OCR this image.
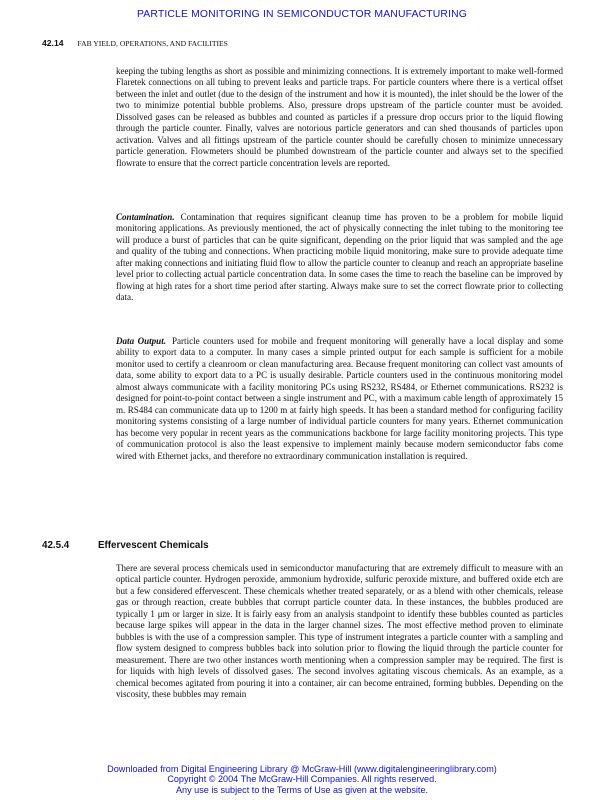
PARTICLE MONITORING IN SEMICONDUCTOR MANUFACTURING
42.14 FAB YIELD, OPERATIONS, AND FACILITIES

keeping the tubing lengths as short as possible and minimizing connections. It is extremely important to make well-formed Flaretek connections on all tubing to prevent leaks and particle traps. For particle counters where there is a vertical offset between the inlet and outlet (due to the design of the instrument and how it is mounted), the inlet should be the lower of the two to minimize potential bubble problems. Also, pressure drops upstream of the particle counter must be avoided. Dissolved gases can be released as bubbles and counted as particles if a pressure drop occurs prior to the liquid flowing through the particle counter. Finally, valves are notorious particle generators and can shed thousands of particles upon activation. Valves and all fittings upstream of the particle counter should be carefully chosen to minimize unnecessary particle generation. Flowmeters should be plumbed downstream of the particle counter and always set to the specified flowrate to ensure that the correct particle concentration levels are reported.

Contamination. Contamination that requires significant cleanup time has proven to be a problem for mobile liquid monitoring applications. As previously mentioned, the act of physically connecting the inlet tubing to the monitoring tee will produce a burst of particles that can be quite significant, depending on the prior liquid that was sampled and the age and quality of the tubing and connections. When practicing mobile liquid monitoring, make sure to provide adequate time after making connections and initiating fluid flow to allow the particle counter to cleanup and reach an appropriate baseline level prior to collecting actual particle concentration data. In some cases the time to reach the baseline can be improved by flowing at high rates for a short time period after starting. Always make sure to set the correct flowrate prior to collecting data.

Data Output. Particle counters used for mobile and frequent monitoring will generally have a local display and some ability to export data to a computer. In many cases a simple printed output for each sample is sufficient for a mobile monitor used to certify a cleanroom or clean manufacturing area. Because frequent monitoring can collect vast amounts of data, some ability to export data to a PC is usually desirable. Particle counters used in the continuous monitoring model almost always communicate with a facility monitoring PCs using RS232, RS484, or Ethernet communications. RS232 is designed for point-to-point contact between a single instrument and PC, with a maximum cable length of approximately 15 m. RS484 can communicate data up to 1200 m at fairly high speeds. It has been a standard method for configuring facility monitoring systems consisting of a large number of individual particle counters for many years. Ethernet communication has become very popular in recent years as the communications backbone for large facility monitoring projects. This type of communication protocol is also the least expensive to implement mainly because modern semiconductor fabs come wired with Ethernet jacks, and therefore no extraordinary communication installation is required.

42.5.4	Effervescent Chemicals

There are several process chemicals used in semiconductor manufacturing that are extremely difficult to measure with an optical particle counter. Hydrogen peroxide, ammonium hydroxide, sulfuric peroxide mixture, and buffered oxide etch are but a few considered effervescent. These chemicals whether treated separately, or as a blend with other chemicals, release gas or through reaction, create bubbles that corrupt particle counter data. In these instances, the bubbles produced are typically 1 μm or larger in size. It is fairly easy from an analysis standpoint to identify these bubbles counted as particles because large spikes will appear in the data in the larger channel sizes. The most effective method proven to eliminate bubbles is with the use of a compression sampler. This type of instrument integrates a particle counter with a sampling and flow system designed to compress bubbles back into solution prior to flowing the liquid through the particle counter for measurement. There are two other instances worth mentioning when a compression sampler may be required. The first is for liquids with high levels of dissolved gases. The second involves agitating viscous chemicals. As an example, as a chemical becomes agitated from pouring it into a container, air can become entrained, forming bubbles. Depending on the viscosity, these bubbles may remain

Downloaded from Digital Engineering Library @ McGraw-Hill (www.digitalengineeringlibrary.com)
Copyright © 2004 The McGraw-Hill Companies. All rights reserved.
Any use is subject to the Terms of Use as given at the website.
